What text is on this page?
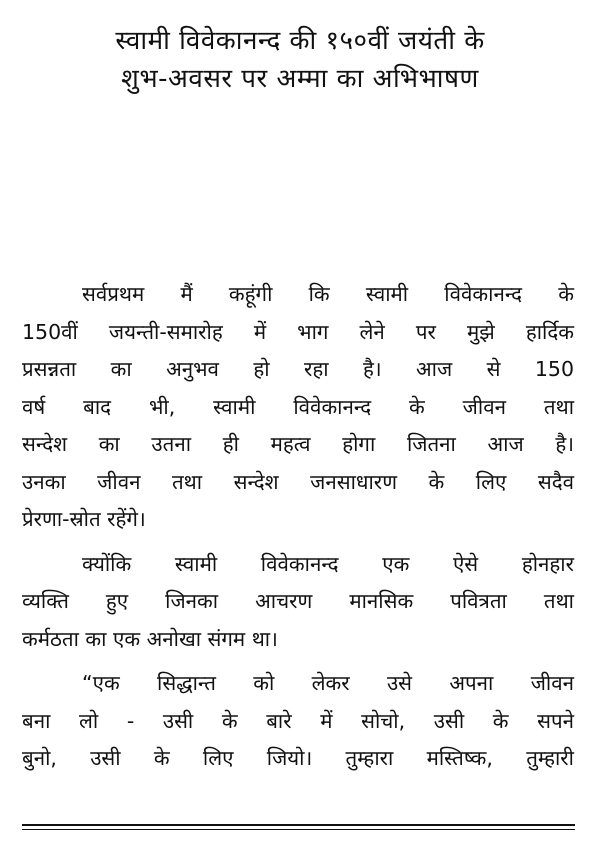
स्वामी विवेकानन्द की १५०वीं जयंती के
शुभ-अवसर पर अम्मा का अभिभाषण
सर्वप्रथम मैं कहूंगी कि स्वामी विवेकानन्द के
150वीं जयन्ती-समारोह में भाग लेने पर मुझे हार्दिक
प्रसन्नता का अनुभव हो रहा है। आज से 150
वर्ष बाद भी, स्वामी विवेकानन्द के जीवन तथा
सन्देश का उतना ही महत्व होगा जितना आज है।
उनका जीवन तथा सन्देश जनसाधारण के लिए सदैव
प्रेरणा-स्रोत रहेंगे।
क्योंकि स्वामी विवेकानन्द एक ऐसे होनहार
व्यक्ति हुए जिनका आचरण मानसिक पवित्रता तथा
कर्मठता का एक अनोखा संगम था।
“एक सिद्धान्त को लेकर उसे अपना जीवन
बना लो - उसी के बारे में सोचो, उसी के सपने
बुनो, उसी के लिए जियो। तुम्हारा मस्तिष्क, तुम्हारी
